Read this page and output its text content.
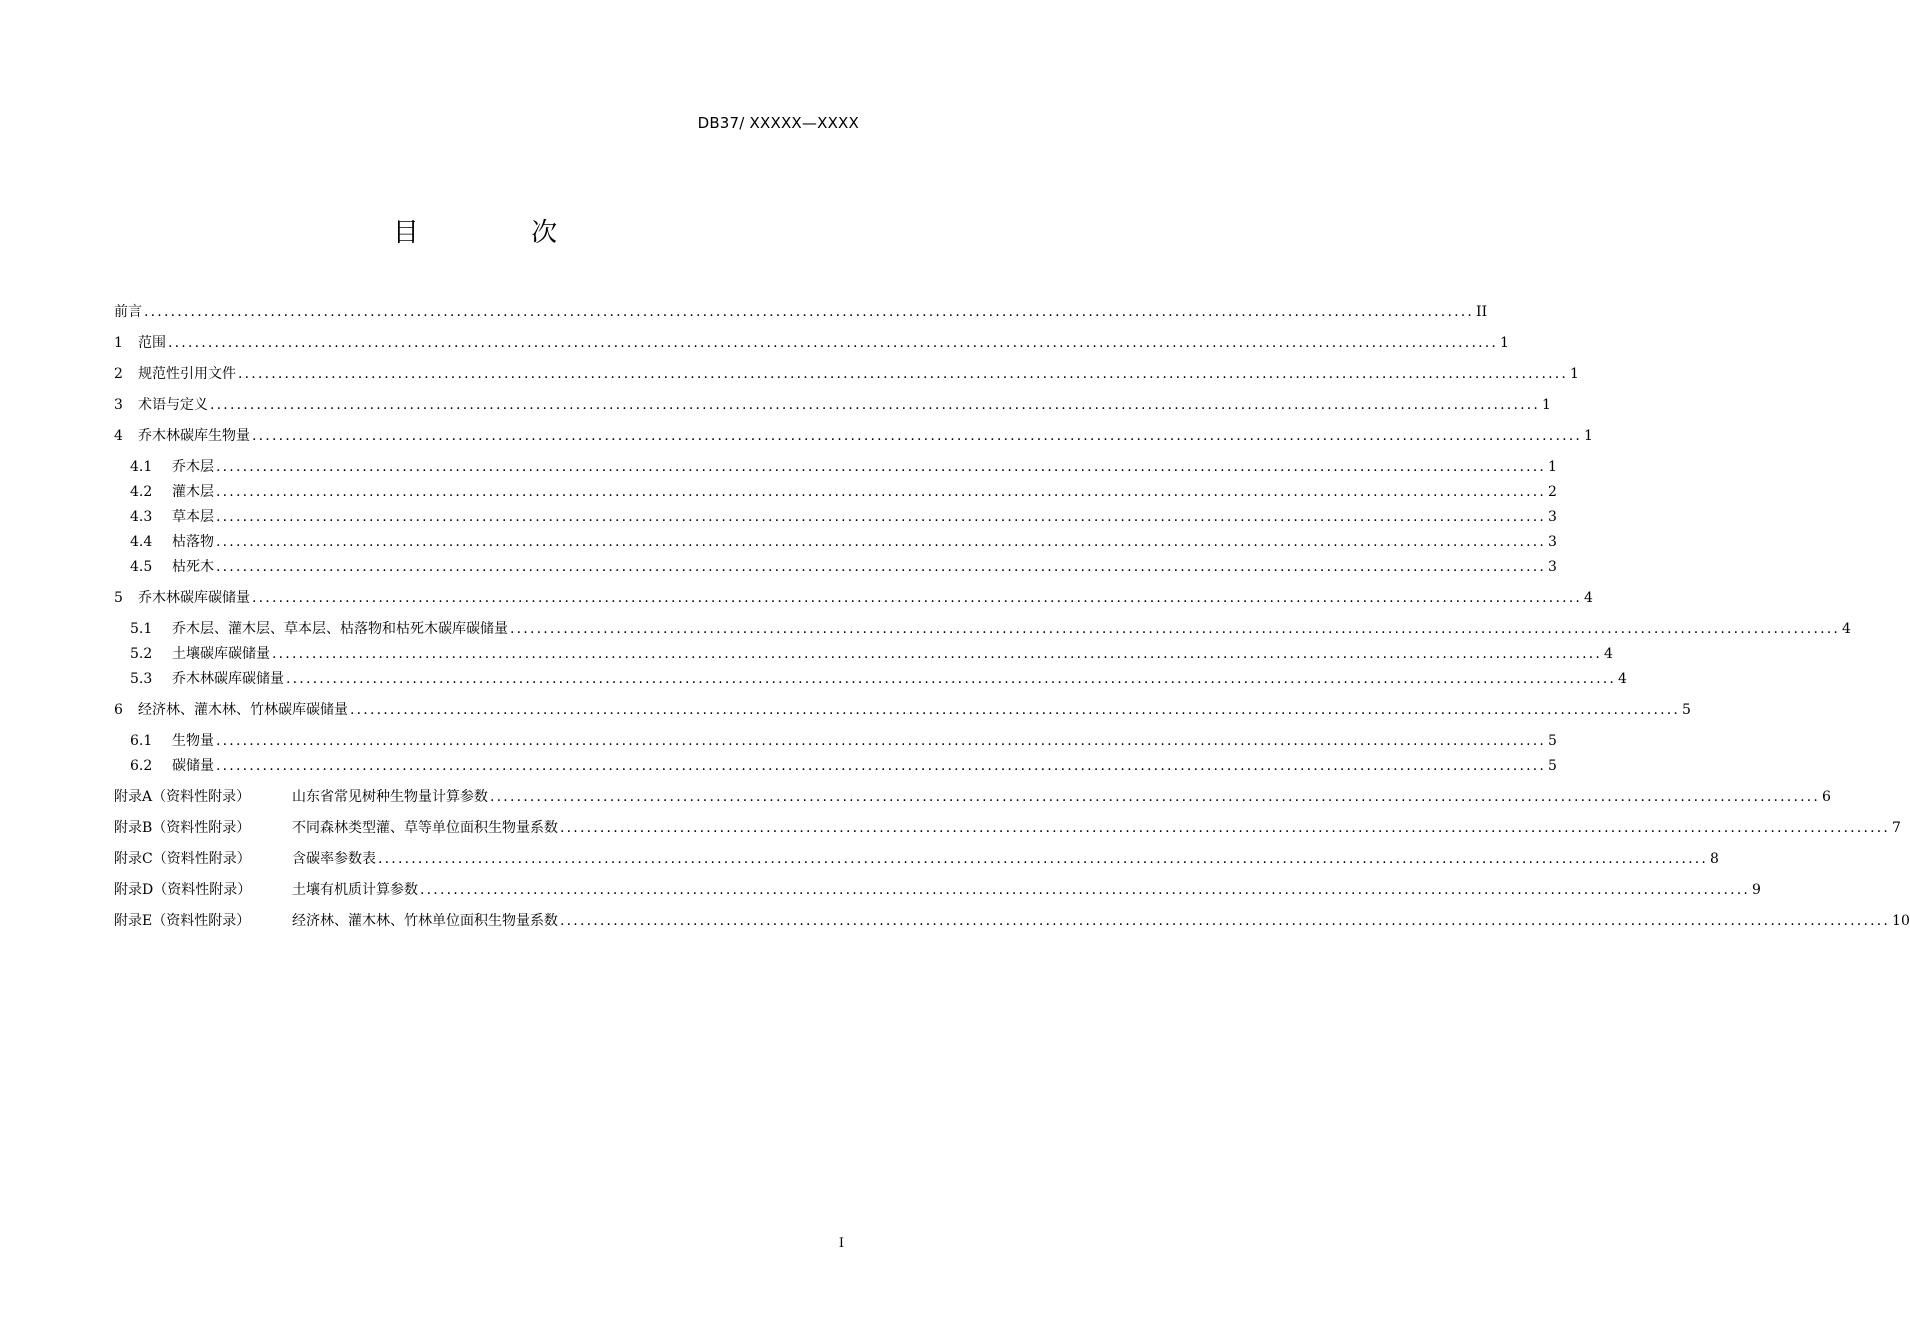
DB37/ XXXXX—XXXX
目 次
前言 ........................................................................................................................................................................................................ II
1	范围 ........................................................................................................................................................................................................ 1
2	规范性引用文件 ........................................................................................................................................................................................................ 1
3	术语与定义 ........................................................................................................................................................................................................ 1
4	乔木林碳库生物量 ........................................................................................................................................................................................................ 1
4.1	乔木层 ........................................................................................................................................................................................................ 1
4.2	灌木层 ........................................................................................................................................................................................................ 2
4.3	草本层 ........................................................................................................................................................................................................ 3
4.4	枯落物 ........................................................................................................................................................................................................ 3
4.5	枯死木 ........................................................................................................................................................................................................ 3
5	乔木林碳库碳储量 ........................................................................................................................................................................................................ 4
5.1	乔木层、灌木层、草本层、枯落物和枯死木碳库碳储量 ........................................................................................................................................................................................................ 4
5.2	土壤碳库碳储量 ........................................................................................................................................................................................................ 4
5.3	乔木林碳库碳储量 ........................................................................................................................................................................................................ 4
6	经济林、灌木林、竹林碳库碳储量 ........................................................................................................................................................................................................ 5
6.1	生物量 ........................................................................................................................................................................................................ 5
6.2	碳储量 ........................................................................................................................................................................................................ 5
附录A（资料性附录）	山东省常见树种生物量计算参数 ........................................................................................................................................................................................................ 6
附录B（资料性附录）	不同森林类型灌、草等单位面积生物量系数 ........................................................................................................................................................................................................ 7
附录C（资料性附录）	含碳率参数表 ........................................................................................................................................................................................................ 8
附录D（资料性附录）	土壤有机质计算参数 ........................................................................................................................................................................................................ 9
附录E（资料性附录）	经济林、灌木林、竹林单位面积生物量系数 ........................................................................................................................................................................................................ 10
I
